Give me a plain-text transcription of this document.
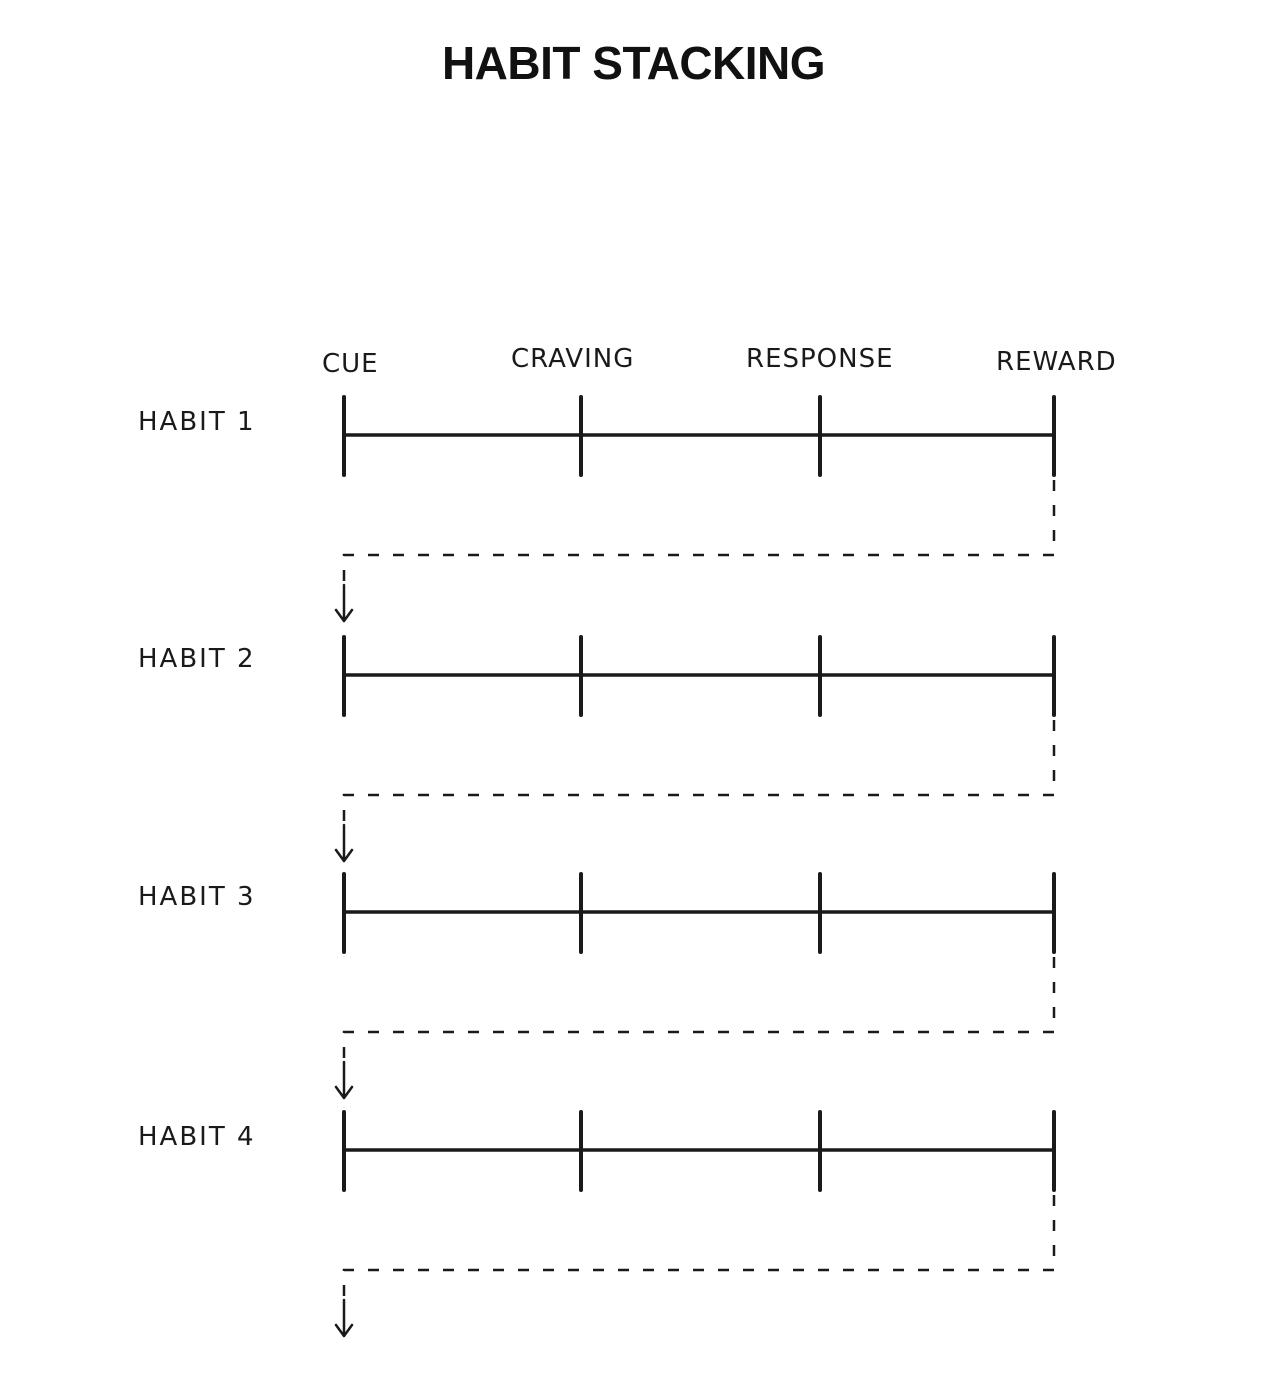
HABIT STACKING
CUE	CRAVING	RESPONSE	REWARD
HABIT 1
HABIT 2
HABIT 3
HABIT 4
